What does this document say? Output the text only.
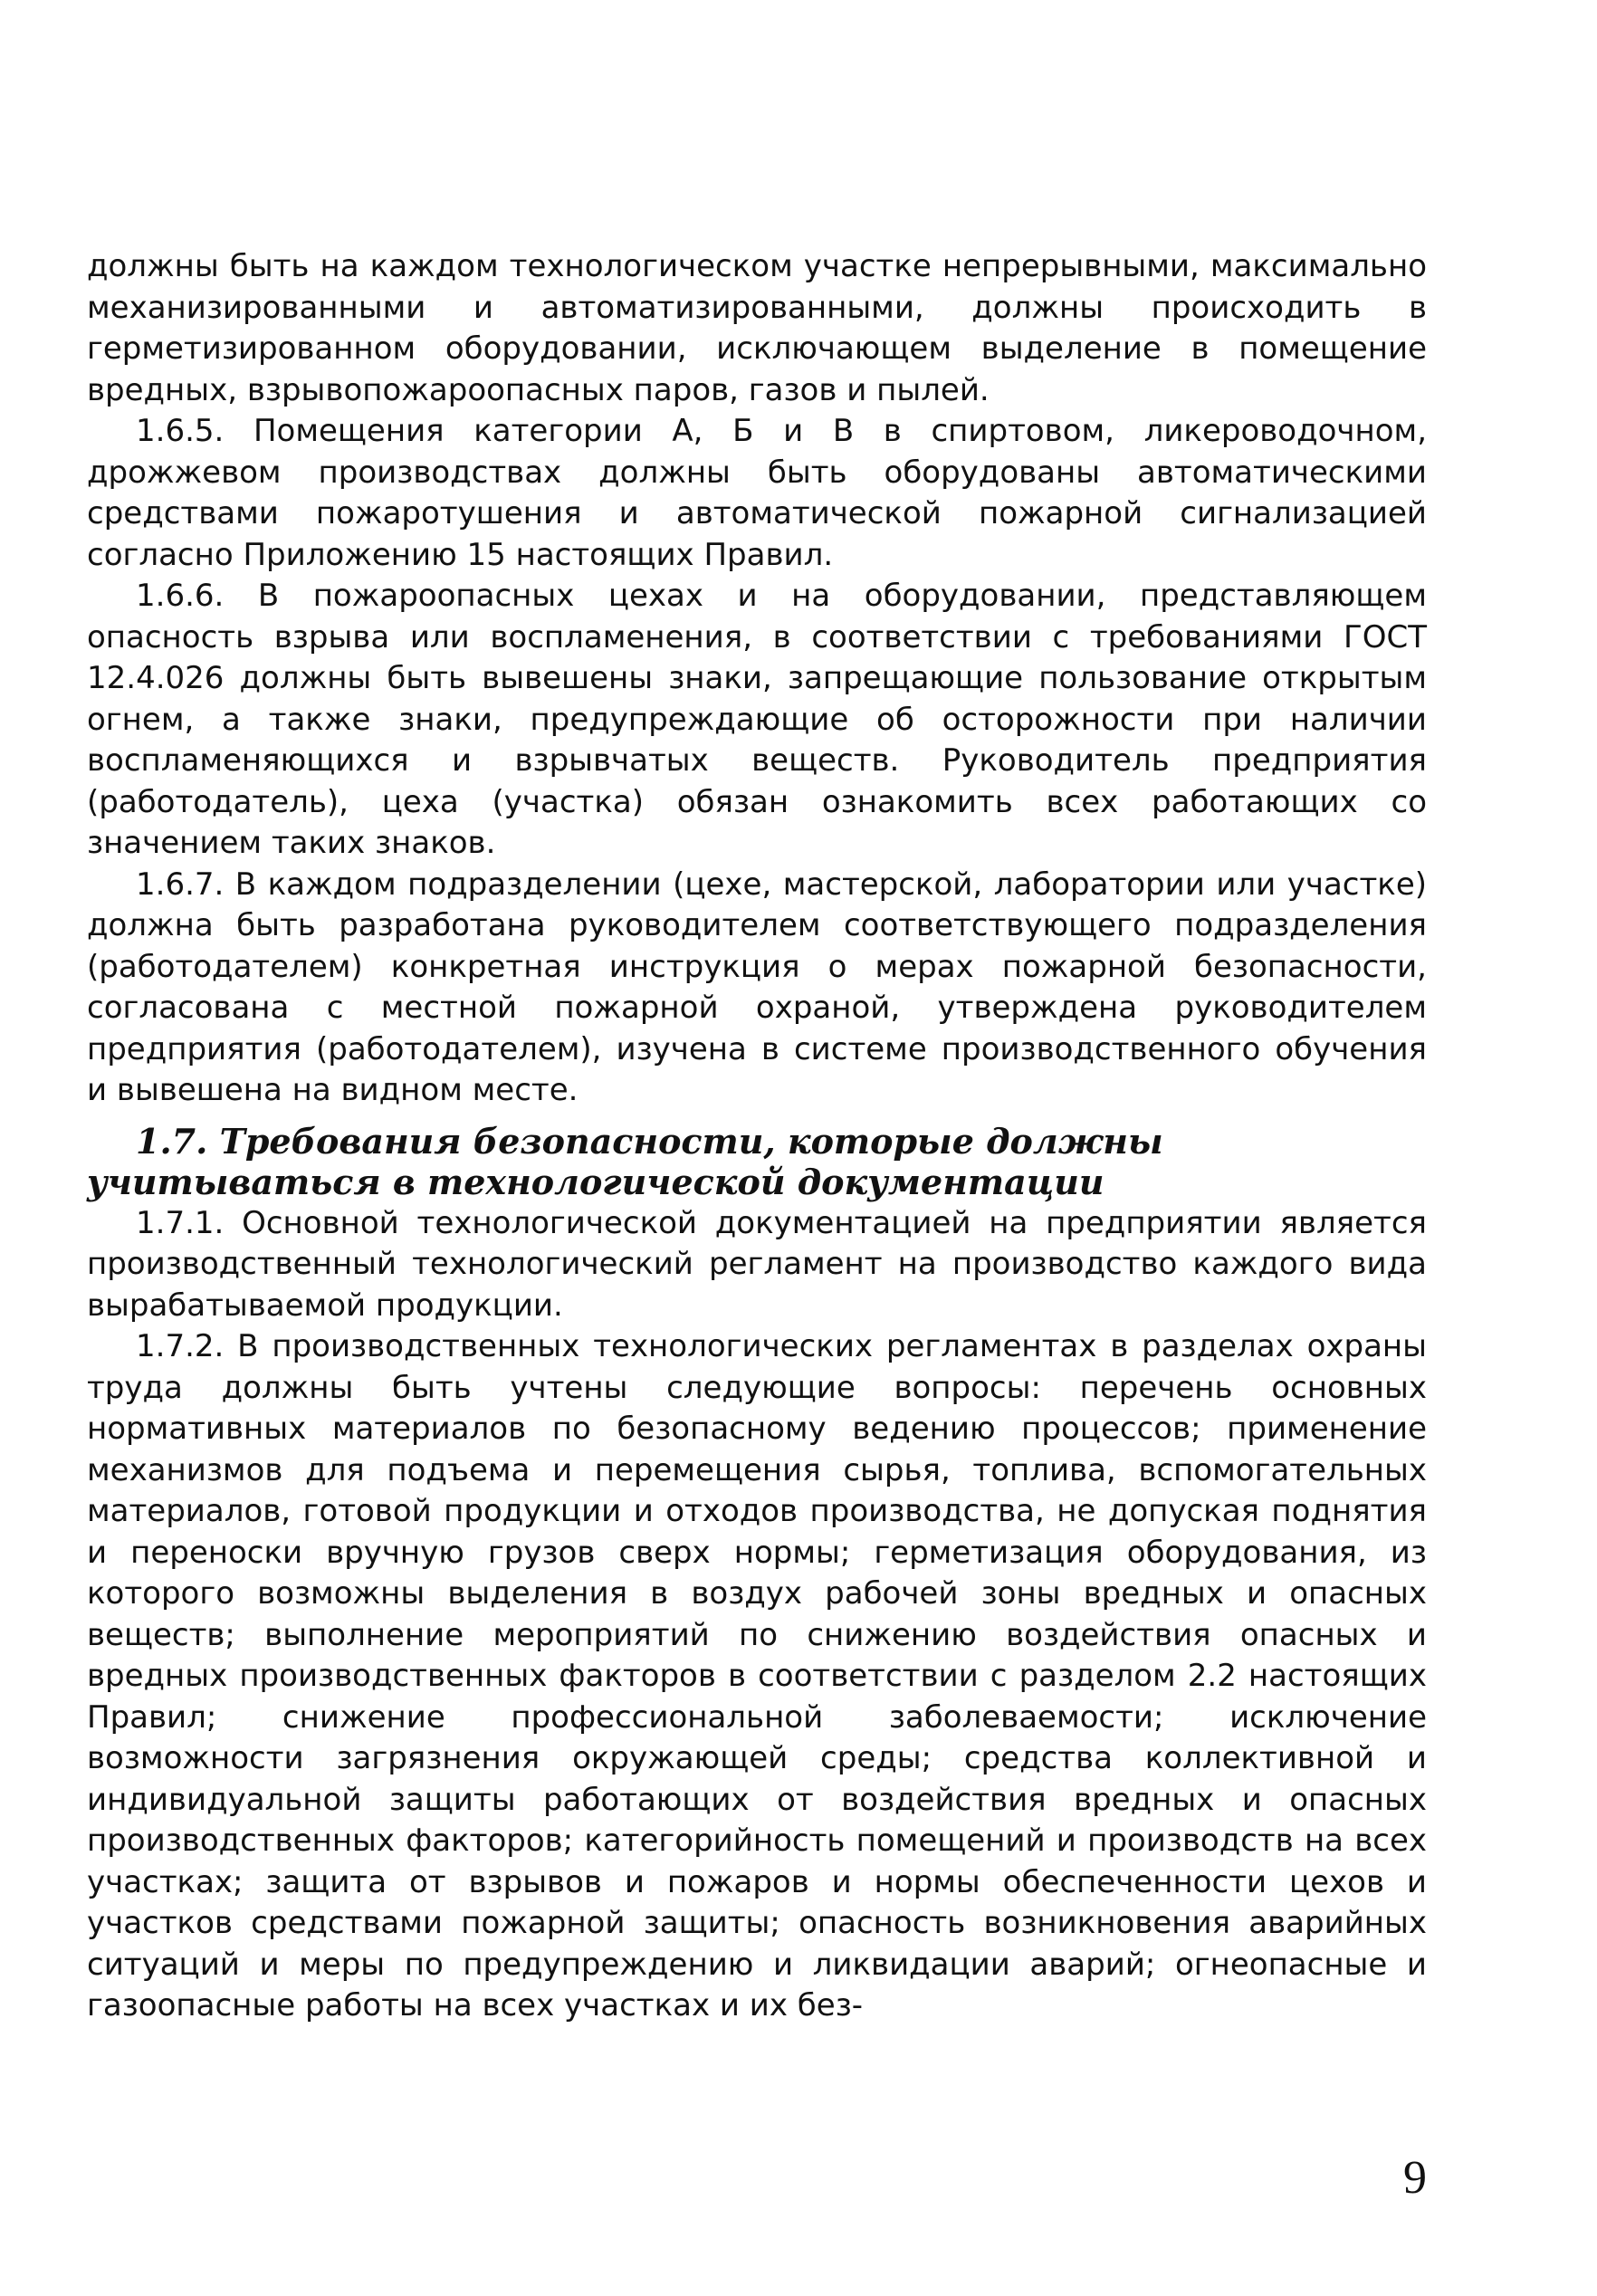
должны быть на каждом технологическом участке непрерывными, максимально механизированными и автоматизированными, должны происходить в герметизированном оборудовании, исключающем выделение в помещение вредных, взрывопожароопасных паров, газов и пылей.

1.6.5. Помещения категории А, Б и В в спиртовом, ликероводочном, дрожжевом производствах должны быть оборудованы автоматическими средствами пожаротушения и автоматической пожарной сигнализацией согласно Приложению 15 настоящих Правил.

1.6.6. В пожароопасных цехах и на оборудовании, представляющем опасность взрыва или воспламенения, в соответствии с требованиями ГОСТ 12.4.026 должны быть вывешены знаки, запрещающие пользование открытым огнем, а также знаки, предупреждающие об осторожности при наличии воспламеняющихся и взрывчатых веществ. Руководитель предприятия (работодатель), цеха (участка) обязан ознакомить всех работающих со значением таких знаков.

1.6.7. В каждом подразделении (цехе, мастерской, лаборатории или участке) должна быть разработана руководителем соответствующего подразделения (работодателем) конкретная инструкция о мерах пожарной безопасности, согласована с местной пожарной охраной, утверждена руководителем предприятия (работодателем), изучена в системе производственного обучения и вывешена на видном месте.

1.7. Требования безопасности, которые должны учитываться в технологической документации

1.7.1. Основной технологической документацией на предприятии является производственный технологический регламент на производство каждого вида вырабатываемой продукции.

1.7.2. В производственных технологических регламентах в разделах охраны труда должны быть учтены следующие вопросы: перечень основных нормативных материалов по безопасному ведению процессов; применение механизмов для подъема и перемещения сырья, топлива, вспомогательных материалов, готовой продукции и отходов производства, не допуская поднятия и переноски вручную грузов сверх нормы; герметизация оборудования, из которого возможны выделения в воздух рабочей зоны вредных и опасных веществ; выполнение мероприятий по снижению воздействия опасных и вредных производственных факторов в соответствии с разделом 2.2 настоящих Правил; снижение профессиональной заболеваемости; исключение возможности загрязнения окружающей среды; средства коллективной и индивидуальной защиты работающих от воздействия вредных и опасных производственных факторов; категорийность помещений и производств на всех участках; защита от взрывов и пожаров и нормы обеспеченности цехов и участков средствами пожарной защиты; опасность возникновения аварийных ситуаций и меры по предупреждению и ликвидации аварий; огнеопасные и газоопасные работы на всех участках и их без-

9
